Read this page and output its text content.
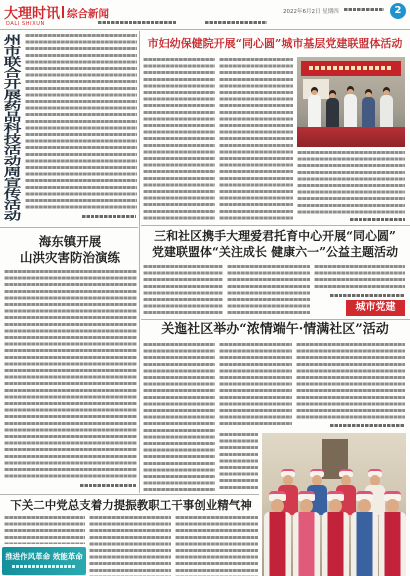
大理时讯
DALI SHIXUN
综合新闻	2022年6月2日 星期四	2
州市联合开展药品科技活动周宣传活动
海东镇开展
山洪灾害防治演练
市妇幼保健院开展“同心圆”城市基层党建联盟体活动
三和社区携手大理爱君托育中心开展“同心圆”
党建联盟体“关注成长 健康六一”公益主题活动
城市党建
关迤社区举办“浓情端午·情满社区”活动
下关二中党总支着力提振教职工干事创业精气神
推进作风革命 效能革命
